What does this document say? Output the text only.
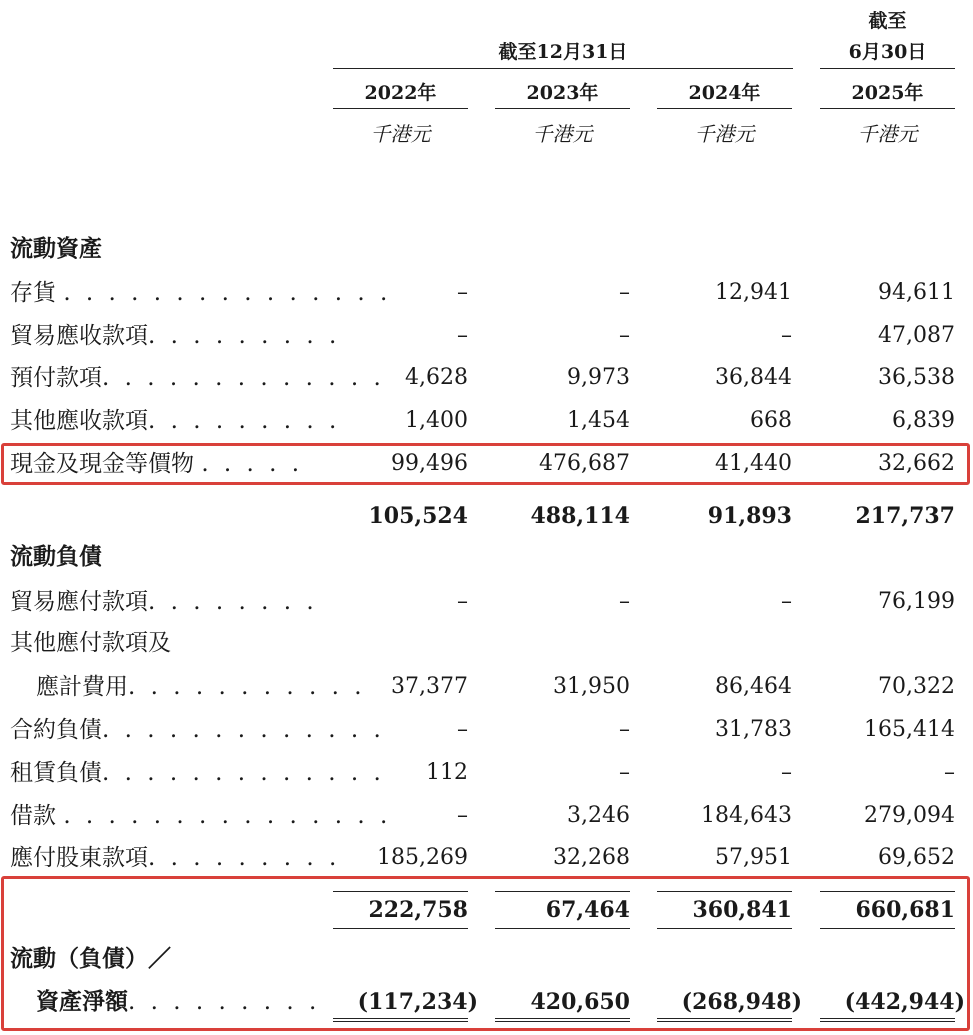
截至
截至12月31日	6月30日
2022年	2023年	2024年	2025年
千港元	千港元	千港元	千港元
流動資產
存貨 . . . . . . . . . . . . . . .	–	–	12,941	94,611
貿易應收款項. . . . . . . . .	–	–	–	47,087
預付款項. . . . . . . . . . . . . 4,628	9,973	36,844	36,538
其他應收款項. . . . . . . . .	1,400	1,454	668	6,839
現金及現金等價物 . . . . .	99,496	476,687	41,440	32,662
105,524	488,114	91,893	217,737
流動負債
貿易應付款項. . . . . . . .	–	–	–	76,199
其他應付款項及
應計費用. . . . . . . . . . .	37,377	31,950	86,464	70,322
合約負債. . . . . . . . . . . . .	–	–	31,783	165,414
租賃負債. . . . . . . . . . . . .	112	–	–	–
借款 . . . . . . . . . . . . . . .	–	3,246	184,643	279,094
應付股東款項. . . . . . . . .	185,269	32,268	57,951	69,652
222,758	67,464	360,841	660,681
流動（負債）／
資產淨額. . . . . . . . .	(117,234)	420,650	(268,948)	(442,944)
